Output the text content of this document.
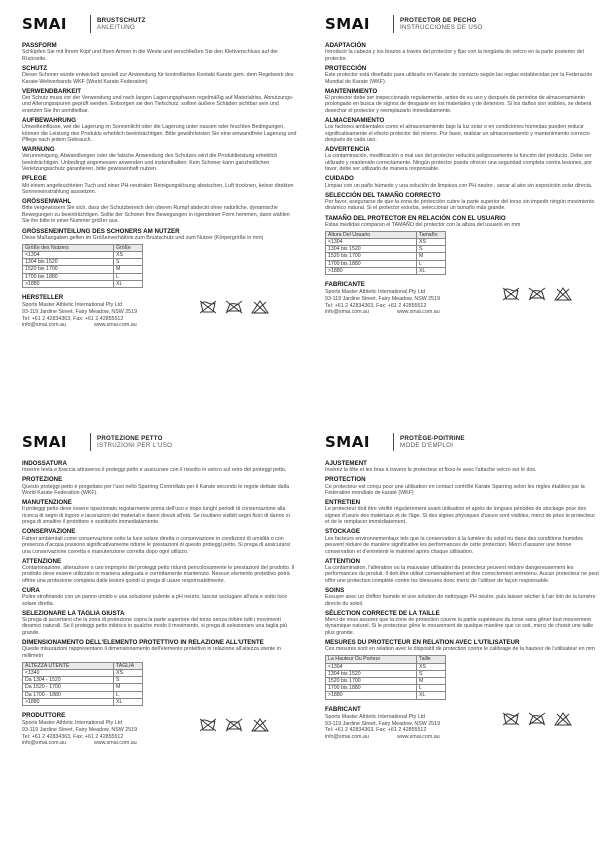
SMAI	BRUSTSCHUTZ
ANLEITUNG
PASSFORM
Schlüpfen Sie mit Ihrem Kopf und Ihren Armen in die Weste und verschließen Sie den Klettverschluss auf der Rückseite.
SCHUTZ
Dieser Schoner wurde entwickelt speziell zur Anwendung für kontrolliertes Kontakt Karate gem. dem Regelwerk des Karate-Weltverbands WKF (World Karate Federation)
VERWENDBARKEIT
Der Schutz muss vor der Verwendung und nach langen Lagerungsphasen regelmäßig auf Materialriss, Abnutzungs- und Alterungsspuren geprüft werden. Entsorgen sie den Tiefschutz, sollten äußere Schäden sichtbar sein und ersetzen Sie ihn unmittelbar.
AUFBEWAHRUNG
Umwelteinflüsse, wie die Lagerung im Sonnenlicht oder die Lagerung unter nassen oder feuchten Bedingungen, können die Leistung des Produkts erheblich beeinträchtigen. Bitte gewährleisten Sie eine einwandfreie Lagerung und Pflege nach jedem Gebrauch.
WARNUNG
Verunreinigung, Abwandlungen oder die falsche Anwendung des Schutzes wird die Produktleistung erheblich beeinträchtigen. Unbedingt angemessen anwenden und instandhalten. Kein Schoner kann ganzheitlichen Verletzungsschutz garantieren, bitte gewissenhaft nutzen.
PFLEGE
Mit einem angefeuchteten Tuch und einer PH-neutralen Reinigungslösung abwischen, Luft trocknen, keiner direkten Sonneneinstrahlung aussetzen.
GRÖSSENWAHL
Bitte vergewissern Sie sich, dass der Schutzbereich den oberen Rumpf abdeckt ohne natürliche, dynamische Bewegungen zu beeinträchtigen. Sollte der Schoner Ihre Bewegungen in irgendeiner Form hemmen, dann wählen Sie ihn bitte in einer Nummer größer aus.
GRÖSSENEINTEILUNG DES SCHONERS AM NUTZER
Diese Maßangaben gelten im Größenverhältnis zum Brustschutz und zum Nutzer (Körpergröße in mm)
Größe des Nutzers	Größe
<1304	XS
1304 bis 1520	S
1520 bis 1700	M
1700 bis 1880	L
>1880	XL
HERSTELLER
Sports Master Athletic International Pty Ltd
93-119 Jardine Street, Fairy Meadow, NSW 2519
Tel: +61 2 42834363, Fax: +61 2 42855512
info@smai.com.au	www.smai.com.au
SMAI	PROTECTOR DE PECHO
INSTRUCCIONES DE USO
ADAPTACIÓN
Introducir la cabeza y los brazos a través del protector y fijar con la lengüeta de velcro en la parte posterior del protector.
PROTECCIÓN
Este protector está diseñado para utilizarlo en Karate de contacto según las reglas establecidas por la Federación Mundial de Karate (WKF).
MANTENIMIENTO
El protector debe ser inspeccionado regularmente, antes de su uso y después de periodos de almacenamiento prolongado en busca de signos de desgaste en los materiales y de deterioro. Si los daños son visibles, se deberá desechar el protector y reemplazarlo inmediatamente.
ALMACENAMIENTO
Los factores ambientales como el almacenamiento bajo la luz solar o en condiciones húmedas pueden reducir significativamente el efecto protector del mismo. Por favor, realizar un almacenamiento y mantenimiento correcto después de cada uso.
ADVERTENCIA
La contaminación, modificación o mal uso del protector reducirá peligrosamente la función del producto. Debe ser utilizado y mantenido correctamente. Ningún protector puede ofrecer una seguridad completa contra lesiones, por favor, debe ser utilizado de manera responsable.
CUIDADO
Limpiar con un paño húmedo y una solución de limpieza con PH neutro , secar al aire sin exposición solar directa.
SELECCIÓN DEL TAMAÑO CORRECTO
Por favor, asegurarse de que la zona de protección cubre la parte superior del torso sin impedir ningún movimiento dinámico natural. Si el protector estorba, seleccionar un tamaño más grande.
TAMAÑO DEL PROTECTOR EN RELACIÓN CON EL USUARIO
Estas medidas comparan el TAMAÑO del protector con la altura del usuario en mm
Altura Del Usuario	Tamaño
<1304	XS
1304 bis 1520	S
1520 bis 1700	M
1700 bis 1880	L
>1880	XL
FABRICANTE
Sports Master Athletic International Pty Ltd
93-119 Jardine Street, Fairy Meadow, NSW 2519
Tel: +61 2 42834363, Fax: +61 2 42855512
info@smai.com.au	www.smai.com.au
SMAI	PROTEZIONE PETTO
ISTRUZIONI PER L'USO
INDOSSATURA
Inserire testa e braccia attraverso il proteggi petto e assicurare con il risvolto in velcro sul retro del proteggi petto.
PROTEZIONE
Questo proteggi petto è progettato per l'uso nello Sparring Controllato per il Karate secondo le regole dettate dalla World Karate Federation (WKF).
MANUTENZIONE
Il proteggi petto deve essere ispezionato regolarmente prima dell'uso e dopo lunghi periodi di conservazione alla ricerca di segni di logoro e lacerazioni dei materiali e danni dovuti all'età. Se risultano visibili segni fisici di danno si prega di smaltire il protettore e sostituirlo immediatamente.
CONSERVAZIONE
Fattori ambientali come conservazione sotto la luce solare diretta o conservazione in condizioni di umidità o con presenza d'acqua possono significativamente ridurre le prestazioni di questo proteggi petto. Si prega di assicurarsi una conservazione corretta e manutenzione corretta dopo ogni utilizzo.
ATTENZIONE
Contaminazione, alterazione o uso improprio del proteggi petto ridurrà pericolosamente le prestazioni del prodotto. Il prodotto deve essere utilizzato in maniera adeguata e correttamente mantenuto. Nessun elemento protettivo potrà offrire una protezione completa dalle lesioni quindi si prega di usare responsabilmente.
CURA
Pulire strofinando con un panno umido e una soluzione pulente a pH neutro, lasciar asciugare all'aria e sotto luce solare diretta.
SELEZIONARE LA TAGLIA GIUSTA
Si prega di accertarsi che la zona di protezione copra la parte superiore del torso senza inibire tutti i movimenti dinamici naturali. Se il proteggi petto inibisce in qualche modo il movimento, si prega di selezionare una taglia più grande.
DIMENSIONAMENTO DELL'ELEMENTO PROTETTIVO IN RELAZIONE ALL'UTENTE
Queste misurazioni rappresentano il dimensionamento dell'elemento protettivo in relazione all'altezza utente in millimetri
ALTEZZA UTENTE	TAGLIA
<1340	XS
Da 1304 - 1520	S
Da 1520 - 1700	M
Da 1700 - 1880	L
>1880	XL
PRODUTTORE
Sports Master Athletic International Pty Ltd
93-119 Jardine Street, Fairy Meadow, NSW 2519
Tel: +61 2 42834363, Fax: +61 2 42855512
info@smai.com.au	www.smai.com.au
SMAI	PROTÈGE-POITRINE
MODE D'EMPLOI
AJUSTEMENT
Insérez la tête et les bras à travers le protecteur et fixez-le avec l'attache velcro sur le dos.
PROTECTION
Ce protecteur est conçu pour une utilisation en contact contrôlé Karate Sparring selon les règles établies par la Fédération mondiale de karaté (WKF)
ENTRETIEN
Le protecteur doit être vérifié régulièrement avant utilisation et après de longues périodes de stockage pour des signes d'usure des matériaux et de l'âge. Si des signes physiques d'usure sont visibles, merci de jetez le protecteur et de le remplacer immédiatement.
STOCKAGE
Les facteurs environnementaux tels que la conservation à la lumière du soleil ou dans des conditions humides peuvent réduire de manière significative les performances de cette protection. Merci d'assurer une bonne conservation et d'entretenir le matériel après chaque utilisation.
ATTENTION
La contamination, l'altération ou la mauvaise utilisation du protecteur peuvent réduire dangereusement les performances du produit. Il doit être utilisé convenablement et être correctement entretenu. Aucun protecteur ne peut offrir une protection complète contre les blessures donc merci de l'utiliser de façon responsable.
SOINS
Essuyer avec un chiffon humide et une solution de nettoyage PH neutre, puis laisser sécher à l'air loin de la lumière directe du soleil.
SÉLECTION CORRECTE DE LA TAILLE
Merci de vous assurez que la zone de protection couvre la partie supérieure du torse sans gêner tout mouvement dynamique naturel. Si le protecteur gêne le mouvement de quelque manière que ce soit, merci de choisir une taille plus grande.
MESURES DU PROTECTEUR EN RELATION AVEC L'UTILISATEUR
Ces mesures sont en relation avec le dispositif de protection contre le calibrage de la hauteur de l'utilisateur en mm
La Hauteur Du Porteur	Taille
<1304	XS
1304 bis 1520	S
1520 bis 1700	M
1700 bis 1880	L
>1880	XL
FABRICANT
Sports Master Athletic International Pty Ltd
93-119 Jardine Street, Fairy Meadow, NSW 2519
Tel: +61 2 42834363, Fax: +61 2 42855512
info@smai.com.au	www.smai.com.au
